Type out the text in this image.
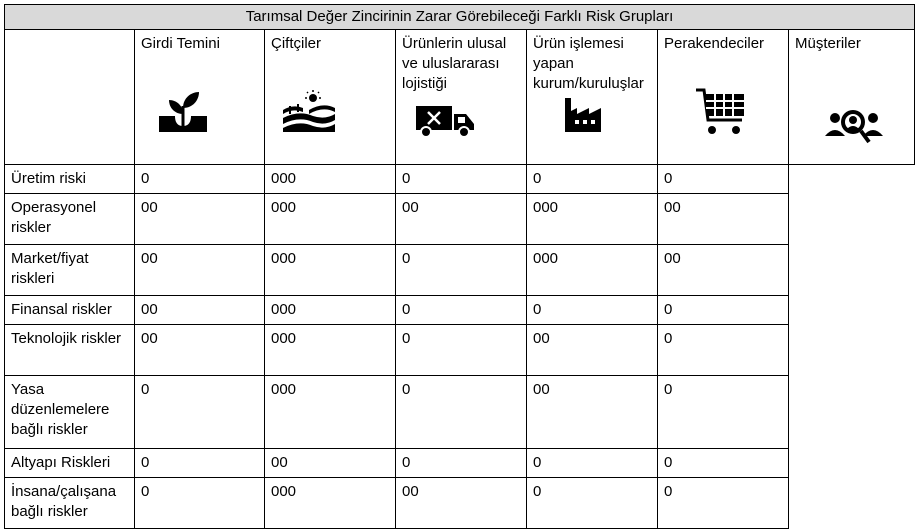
Tarımsal Değer Zincirinin Zarar Görebileceği Farklı Risk Grupları						

	Girdi Temini	Çiftçiler	Ürünlerin ulusal ve uluslararası lojistiği	Ürün işlemesi yapan kurum/kuruluşlar	Perakendeciler	Müşteriler

Üretim riski	0	000	0	0	0	
Operasyonel riskler	00	000	00	000	00	
Market/fiyat riskleri	00	000	0	000	00	
Finansal riskler	00	000	0	0	0	
Teknolojik riskler	00	000	0	00	0	
Yasa düzenlemelere bağlı riskler	0	000	0	00	0	
Altyapı Riskleri	0	00	0	0	0	
İnsana/çalışana bağlı riskler	0	000	00	0	0	
